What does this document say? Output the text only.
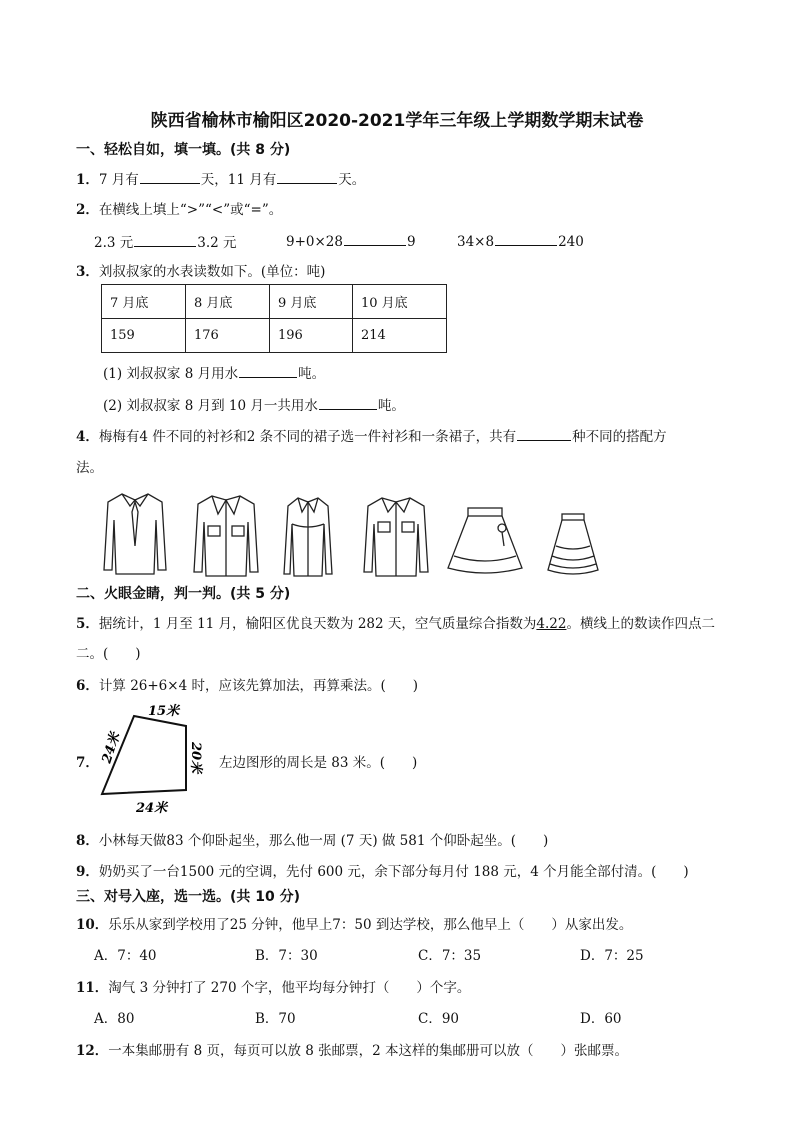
陕西省榆林市榆阳区2020-2021学年三年级上学期数学期末试卷
一、轻松自如，填一填。(共 8 分)
1．7 月有	天，11 月有	天。
2．在横线上填上“>”“<”或“=”。
2.3 元	3.2 元	9+0×28	9	34×8	240
3．刘叔叔家的水表读数如下。(单位：吨)
7 月底	8 月底	9 月底	10 月底
159	176	196	214
(1) 刘叔叔家 8 月用水	吨。
(2) 刘叔叔家 8 月到 10 月一共用水	吨。
4．梅梅有4 件不同的衬衫和2 条不同的裙子选一件衬衫和一条裙子，共有	种不同的搭配方
法。
二、火眼金睛，判一判。(共 5 分)
5．据统计，1 月至 11 月，榆阳区优良天数为 282 天，空气质量综合指数为4.22。横线上的数读作四点二
二。(　　)
6．计算 26+6×4 时，应该先算加法，再算乘法。(　　)
15米
24米	20米
24米
7．	左边图形的周长是 83 米。(　　)
8．小林每天做83 个仰卧起坐，那么他一周 (7 天) 做 581 个仰卧起坐。(　　)
9．奶奶买了一台1500 元的空调，先付 600 元，余下部分每月付 188 元，4 个月能全部付清。(　　)
三、对号入座，选一选。(共 10 分)
10．乐乐从家到学校用了25 分钟，他早上7：50 到达学校，那么他早上（　　）从家出发。
A．7：40	B．7：30	C．7：35	D．7：25
11．淘气 3 分钟打了 270 个字，他平均每分钟打（　　）个字。
A．80	B．70	C．90	D．60
12．一本集邮册有 8 页，每页可以放 8 张邮票，2 本这样的集邮册可以放（　　）张邮票。
